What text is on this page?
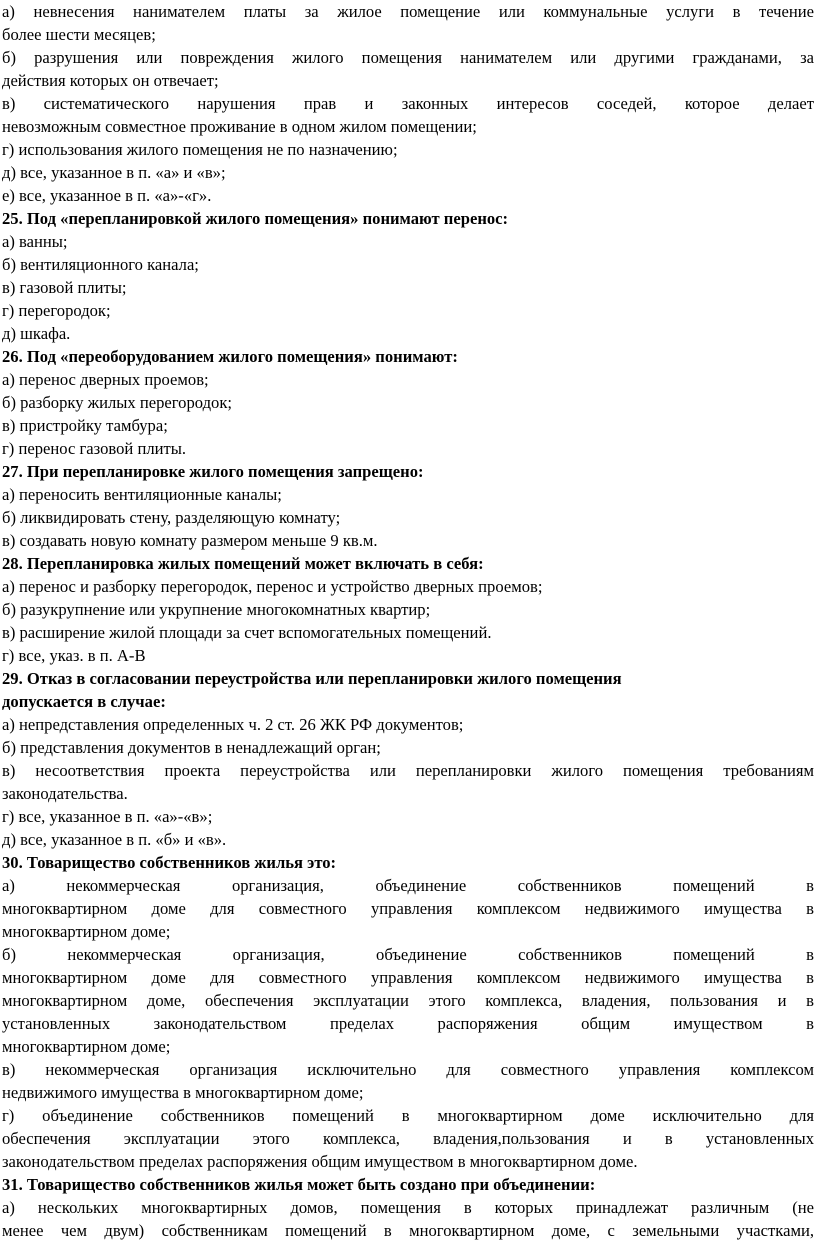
а) невнесения нанимателем платы за жилое помещение или коммунальные услуги в течение

более шести месяцев;

б) разрушения или повреждения жилого помещения нанимателем или другими гражданами, за

действия которых он отвечает;

в) систематического нарушения прав и законных интересов соседей, которое делает

невозможным совместное проживание в одном жилом помещении;

г) использования жилого помещения не по назначению;

д) все, указанное в п. «а» и «в»;

е) все, указанное в п. «а»-«г».

25. Под «перепланировкой жилого помещения» понимают перенос:

а) ванны;

б) вентиляционного канала;

в) газовой плиты;

г) перегородок;

д) шкафа.

26. Под «переоборудованием жилого помещения» понимают:

а) перенос дверных проемов;

б) разборку жилых перегородок;

в) пристройку тамбура;

г) перенос газовой плиты.

27. При перепланировке жилого помещения запрещено:

а) переносить вентиляционные каналы;

б) ликвидировать стену, разделяющую комнату;

в) создавать новую комнату размером меньше 9 кв.м.

28. Перепланировка жилых помещений может включать в себя:

а) перенос и разборку перегородок, перенос и устройство дверных проемов;

б) разукрупнение или укрупнение многокомнатных квартир;

в) расширение жилой площади за счет вспомогательных помещений.

г) все, указ. в п. А-В

29. Отказ в согласовании переустройства или перепланировки жилого помещения

допускается в случае:

а) непредставления определенных ч. 2 ст. 26 ЖК РФ документов;

б) представления документов в ненадлежащий орган;

в) несоответствия проекта переустройства или перепланировки жилого помещения требованиям

законодательства.

г) все, указанное в п. «а»-«в»;

д) все, указанное в п. «б» и «в».

30. Товарищество собственников жилья это:

а) некоммерческая организация, объединение собственников помещений в

многоквартирном доме для совместного управления комплексом недвижимого имущества в

многоквартирном доме;

б) некоммерческая организация, объединение собственников помещений в

многоквартирном доме для совместного управления комплексом недвижимого имущества в

многоквартирном доме, обеспечения эксплуатации этого комплекса, владения, пользования и в

установленных законодательством пределах распоряжения общим имуществом в

многоквартирном доме;

в) некоммерческая организация исключительно для совместного управления комплексом

недвижимого имущества в многоквартирном доме;

г) объединение собственников помещений в многоквартирном доме исключительно для

обеспечения эксплуатации этого комплекса, владения,пользования и в установленных

законодательством пределах распоряжения общим имуществом в многоквартирном доме.

31. Товарищество собственников жилья может быть создано при объединении:

а) нескольких многоквартирных домов, помещения в которых принадлежат различным (не

менее чем двум) собственникам помещений в многоквартирном доме, с земельными участками,
